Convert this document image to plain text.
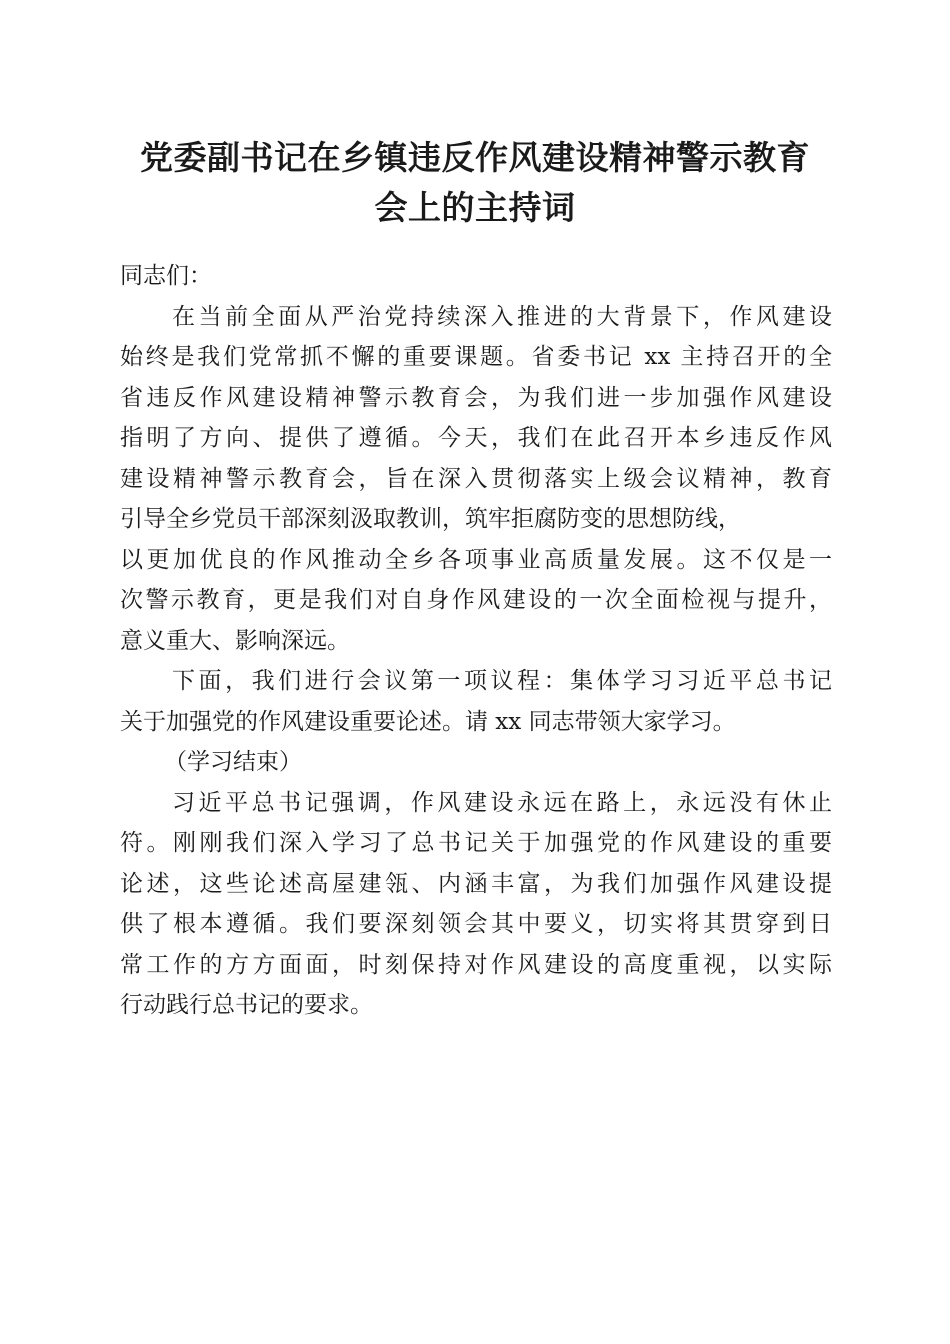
党委副书记在乡镇违反作风建设精神警示教育
会上的主持词
同志们：
在当前全面从严治党持续深入推进的大背景下，作风建设
始终是我们党常抓不懈的重要课题。省委书记 xx 主持召开的全
省违反作风建设精神警示教育会，为我们进一步加强作风建设
指明了方向、提供了遵循。今天，我们在此召开本乡违反作风
建设精神警示教育会，旨在深入贯彻落实上级会议精神，教育
引导全乡党员干部深刻汲取教训，筑牢拒腐防变的思想防线，
以更加优良的作风推动全乡各项事业高质量发展。这不仅是一
次警示教育，更是我们对自身作风建设的一次全面检视与提升，
意义重大、影响深远。
下面，我们进行会议第一项议程：集体学习习近平总书记
关于加强党的作风建设重要论述。请 xx 同志带领大家学习。
（学习结束）
习近平总书记强调，作风建设永远在路上，永远没有休止
符。刚刚我们深入学习了总书记关于加强党的作风建设的重要
论述，这些论述高屋建瓴、内涵丰富，为我们加强作风建设提
供了根本遵循。我们要深刻领会其中要义，切实将其贯穿到日
常工作的方方面面，时刻保持对作风建设的高度重视，以实际
行动践行总书记的要求。
